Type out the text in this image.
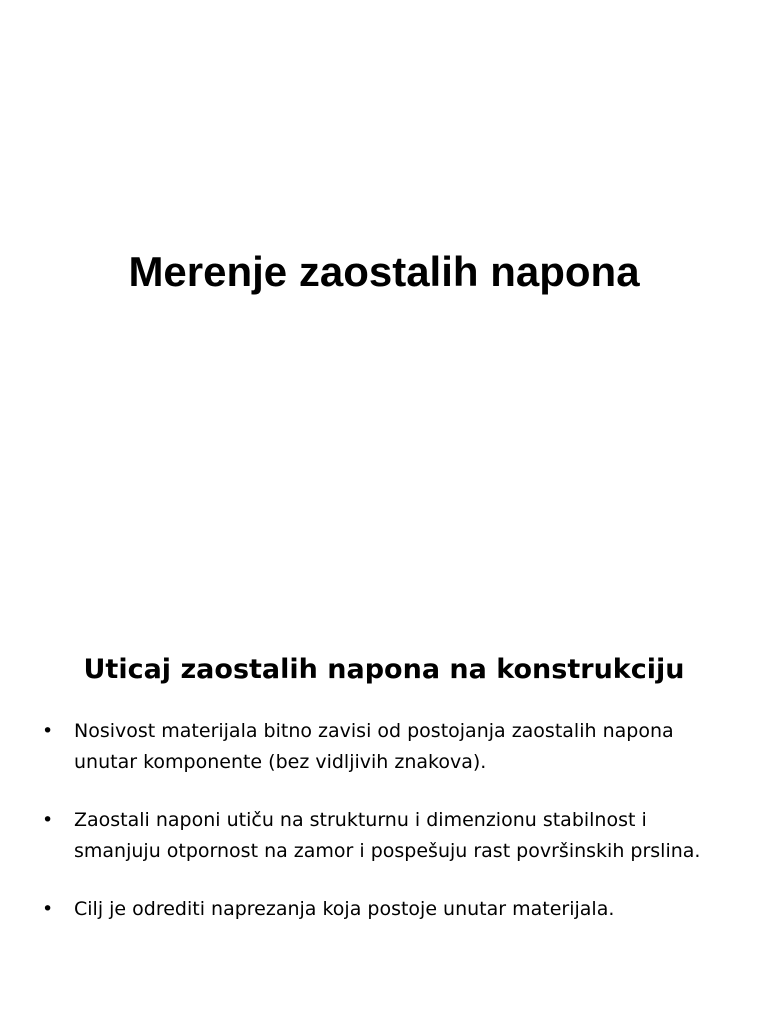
Merenje zaostalih napona
Uticaj zaostalih napona na konstrukciju
•	Nosivost materijala bitno zavisi od postojanja zaostalih napona unutar komponente (bez vidljivih znakova).
•	Zaostali naponi utiču na strukturnu i dimenzionu stabilnost i smanjuju otpornost na zamor i pospešuju rast površinskih prslina.
•	Cilj je odrediti naprezanja koja postoje unutar materijala.
